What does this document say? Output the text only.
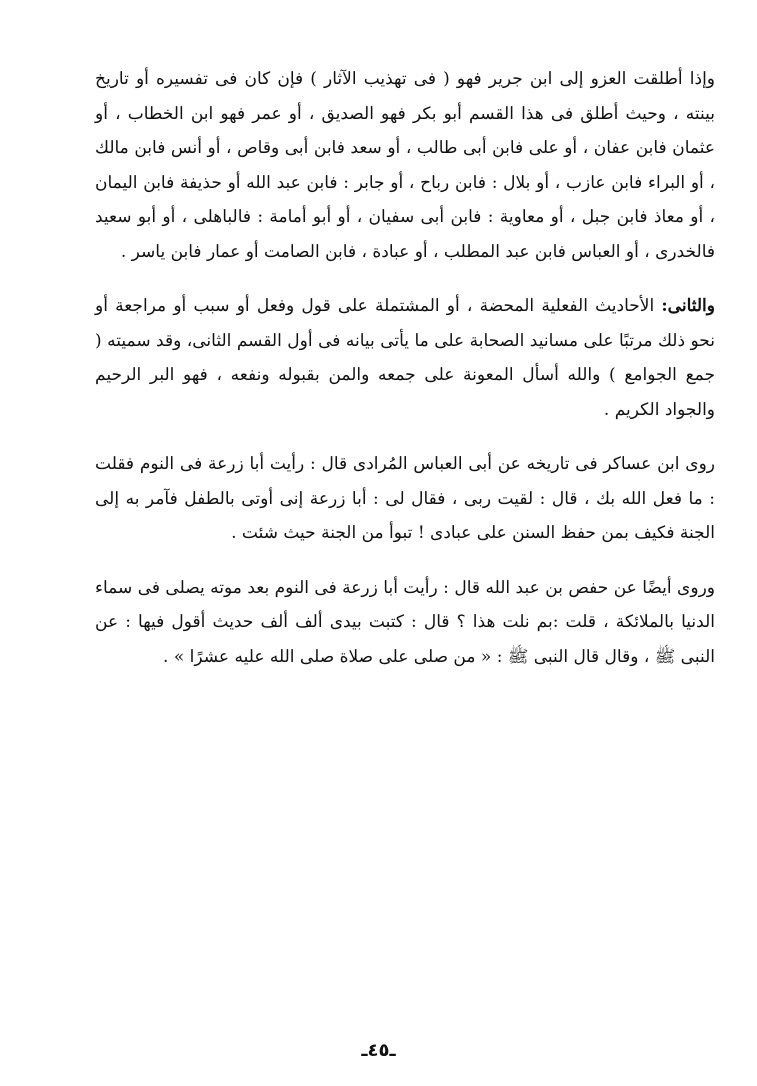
وإذا أطلقت العزو إلى ابن جرير فهو ( فى تهذيب الآثار ) فإن كان فى تفسيره أو تاريخ بينته ، وحيث أطلق فى هذا القسم أبو بكر فهو الصديق ، أو عمر فهو ابن الخطاب ، أو عثمان فابن عفان ، أو على فابن أبى طالب ، أو سعد فابن أبى وقاص ، أو أنس فابن مالك ، أو البراء فابن عازب ، أو بلال : فابن رباح ، أو جابر : فابن عبد الله أو حذيفة فابن اليمان ، أو معاذ فابن جبل ، أو معاوية : فابن أبى سفيان ، أو أبو أمامة : فالباهلى ، أو أبو سعيد فالخدرى ، أو العباس فابن عبد المطلب ، أو عبادة ، فابن الصامت أو عمار فابن ياسر .

والثانى: الأحاديث الفعلية المحضة ، أو المشتملة على قول وفعل أو سبب أو مراجعة أو نحو ذلك مرتبًا على مسانيد الصحابة على ما يأتى بيانه فى أول القسم الثانى، وقد سميته ( جمع الجوامع ) والله أسأل المعونة على جمعه والمن بقبوله ونفعه ، فهو البر الرحيم والجواد الكريم .

روى ابن عساكر فى تاريخه عن أبى العباس المُرادى قال : رأيت أبا زرعة فى النوم فقلت : ما فعل الله بك ، قال : لقيت ربى ، فقال لى : أبا زرعة إنى أوتى بالطفل فآمر به إلى الجنة فكيف بمن حفظ السنن على عبادى ! تبوأ من الجنة حيث شئت .

وروى أيضًا عن حفص بن عبد الله قال : رأيت أبا زرعة فى النوم بعد موته يصلى فى سماء الدنيا بالملائكة ، قلت :بم نلت هذا ؟ قال : كتبت بيدى ألف ألف حديث أقول فيها : عن النبى ﷺ ، وقال قال النبى ﷺ : « من صلى على صلاة صلى الله عليه عشرًا » .

ـ٤٥ـ
